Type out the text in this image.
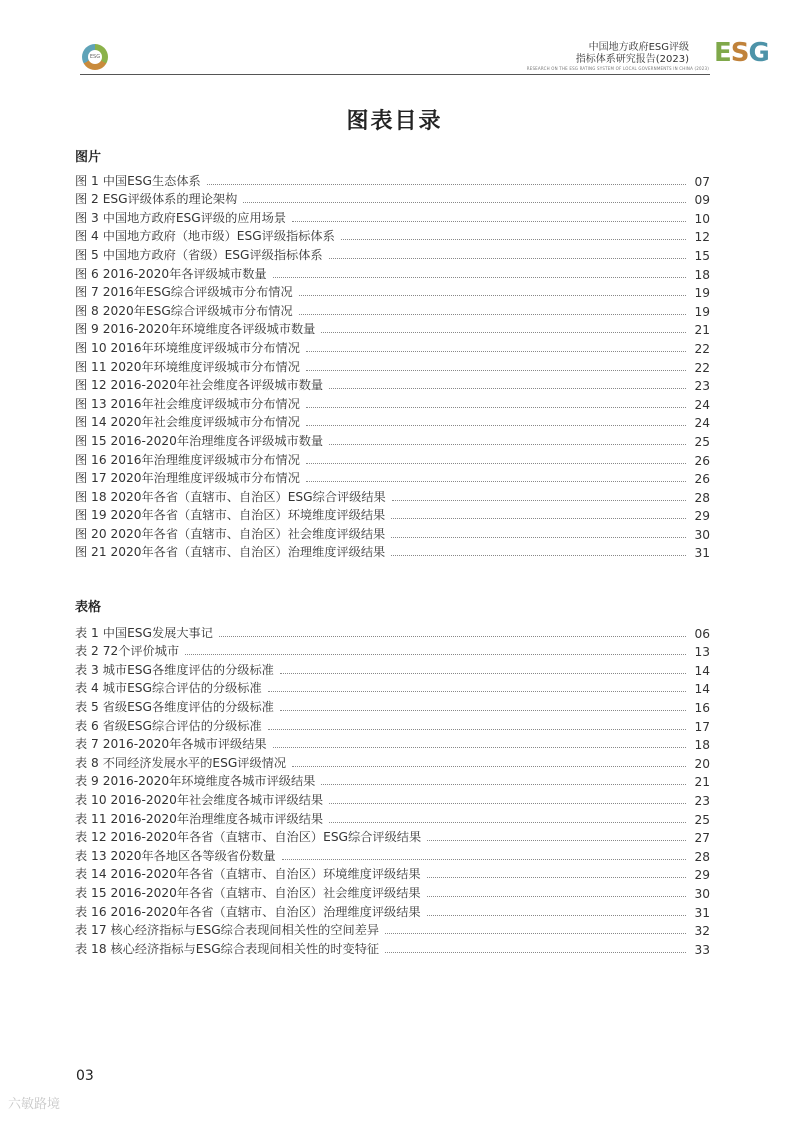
ESG
中国地方政府ESG评级
指标体系研究报告(2023)
RESEARCH ON THE ESG RATING SYSTEM OF LOCAL GOVERNMENTS IN CHINA (2023)
ESG
图表目录
图片
图 1 中国ESG生态体系	07
图 2 ESG评级体系的理论架构	09
图 3 中国地方政府ESG评级的应用场景	10
图 4 中国地方政府（地市级）ESG评级指标体系	12
图 5 中国地方政府（省级）ESG评级指标体系	15
图 6 2016-2020年各评级城市数量	18
图 7 2016年ESG综合评级城市分布情况	19
图 8 2020年ESG综合评级城市分布情况	19
图 9 2016-2020年环境维度各评级城市数量	21
图 10 2016年环境维度评级城市分布情况	22
图 11 2020年环境维度评级城市分布情况	22
图 12 2016-2020年社会维度各评级城市数量	23
图 13 2016年社会维度评级城市分布情况	24
图 14 2020年社会维度评级城市分布情况	24
图 15 2016-2020年治理维度各评级城市数量	25
图 16 2016年治理维度评级城市分布情况	26
图 17 2020年治理维度评级城市分布情况	26
图 18 2020年各省（直辖市、自治区）ESG综合评级结果	28
图 19 2020年各省（直辖市、自治区）环境维度评级结果	29
图 20 2020年各省（直辖市、自治区）社会维度评级结果	30
图 21 2020年各省（直辖市、自治区）治理维度评级结果	31
表格
表 1 中国ESG发展大事记	06
表 2 72个评价城市	13
表 3 城市ESG各维度评估的分级标准	14
表 4 城市ESG综合评估的分级标准	14
表 5 省级ESG各维度评估的分级标准	16
表 6 省级ESG综合评估的分级标准	17
表 7 2016-2020年各城市评级结果	18
表 8 不同经济发展水平的ESG评级情况	20
表 9 2016-2020年环境维度各城市评级结果	21
表 10 2016-2020年社会维度各城市评级结果	23
表 11 2016-2020年治理维度各城市评级结果	25
表 12 2016-2020年各省（直辖市、自治区）ESG综合评级结果	27
表 13 2020年各地区各等级省份数量	28
表 14 2016-2020年各省（直辖市、自治区）环境维度评级结果	29
表 15 2016-2020年各省（直辖市、自治区）社会维度评级结果	30
表 16 2016-2020年各省（直辖市、自治区）治理维度评级结果	31
表 17 核心经济指标与ESG综合表现间相关性的空间差异	32
表 18 核心经济指标与ESG综合表现间相关性的时变特征	33
03
六敏路境
